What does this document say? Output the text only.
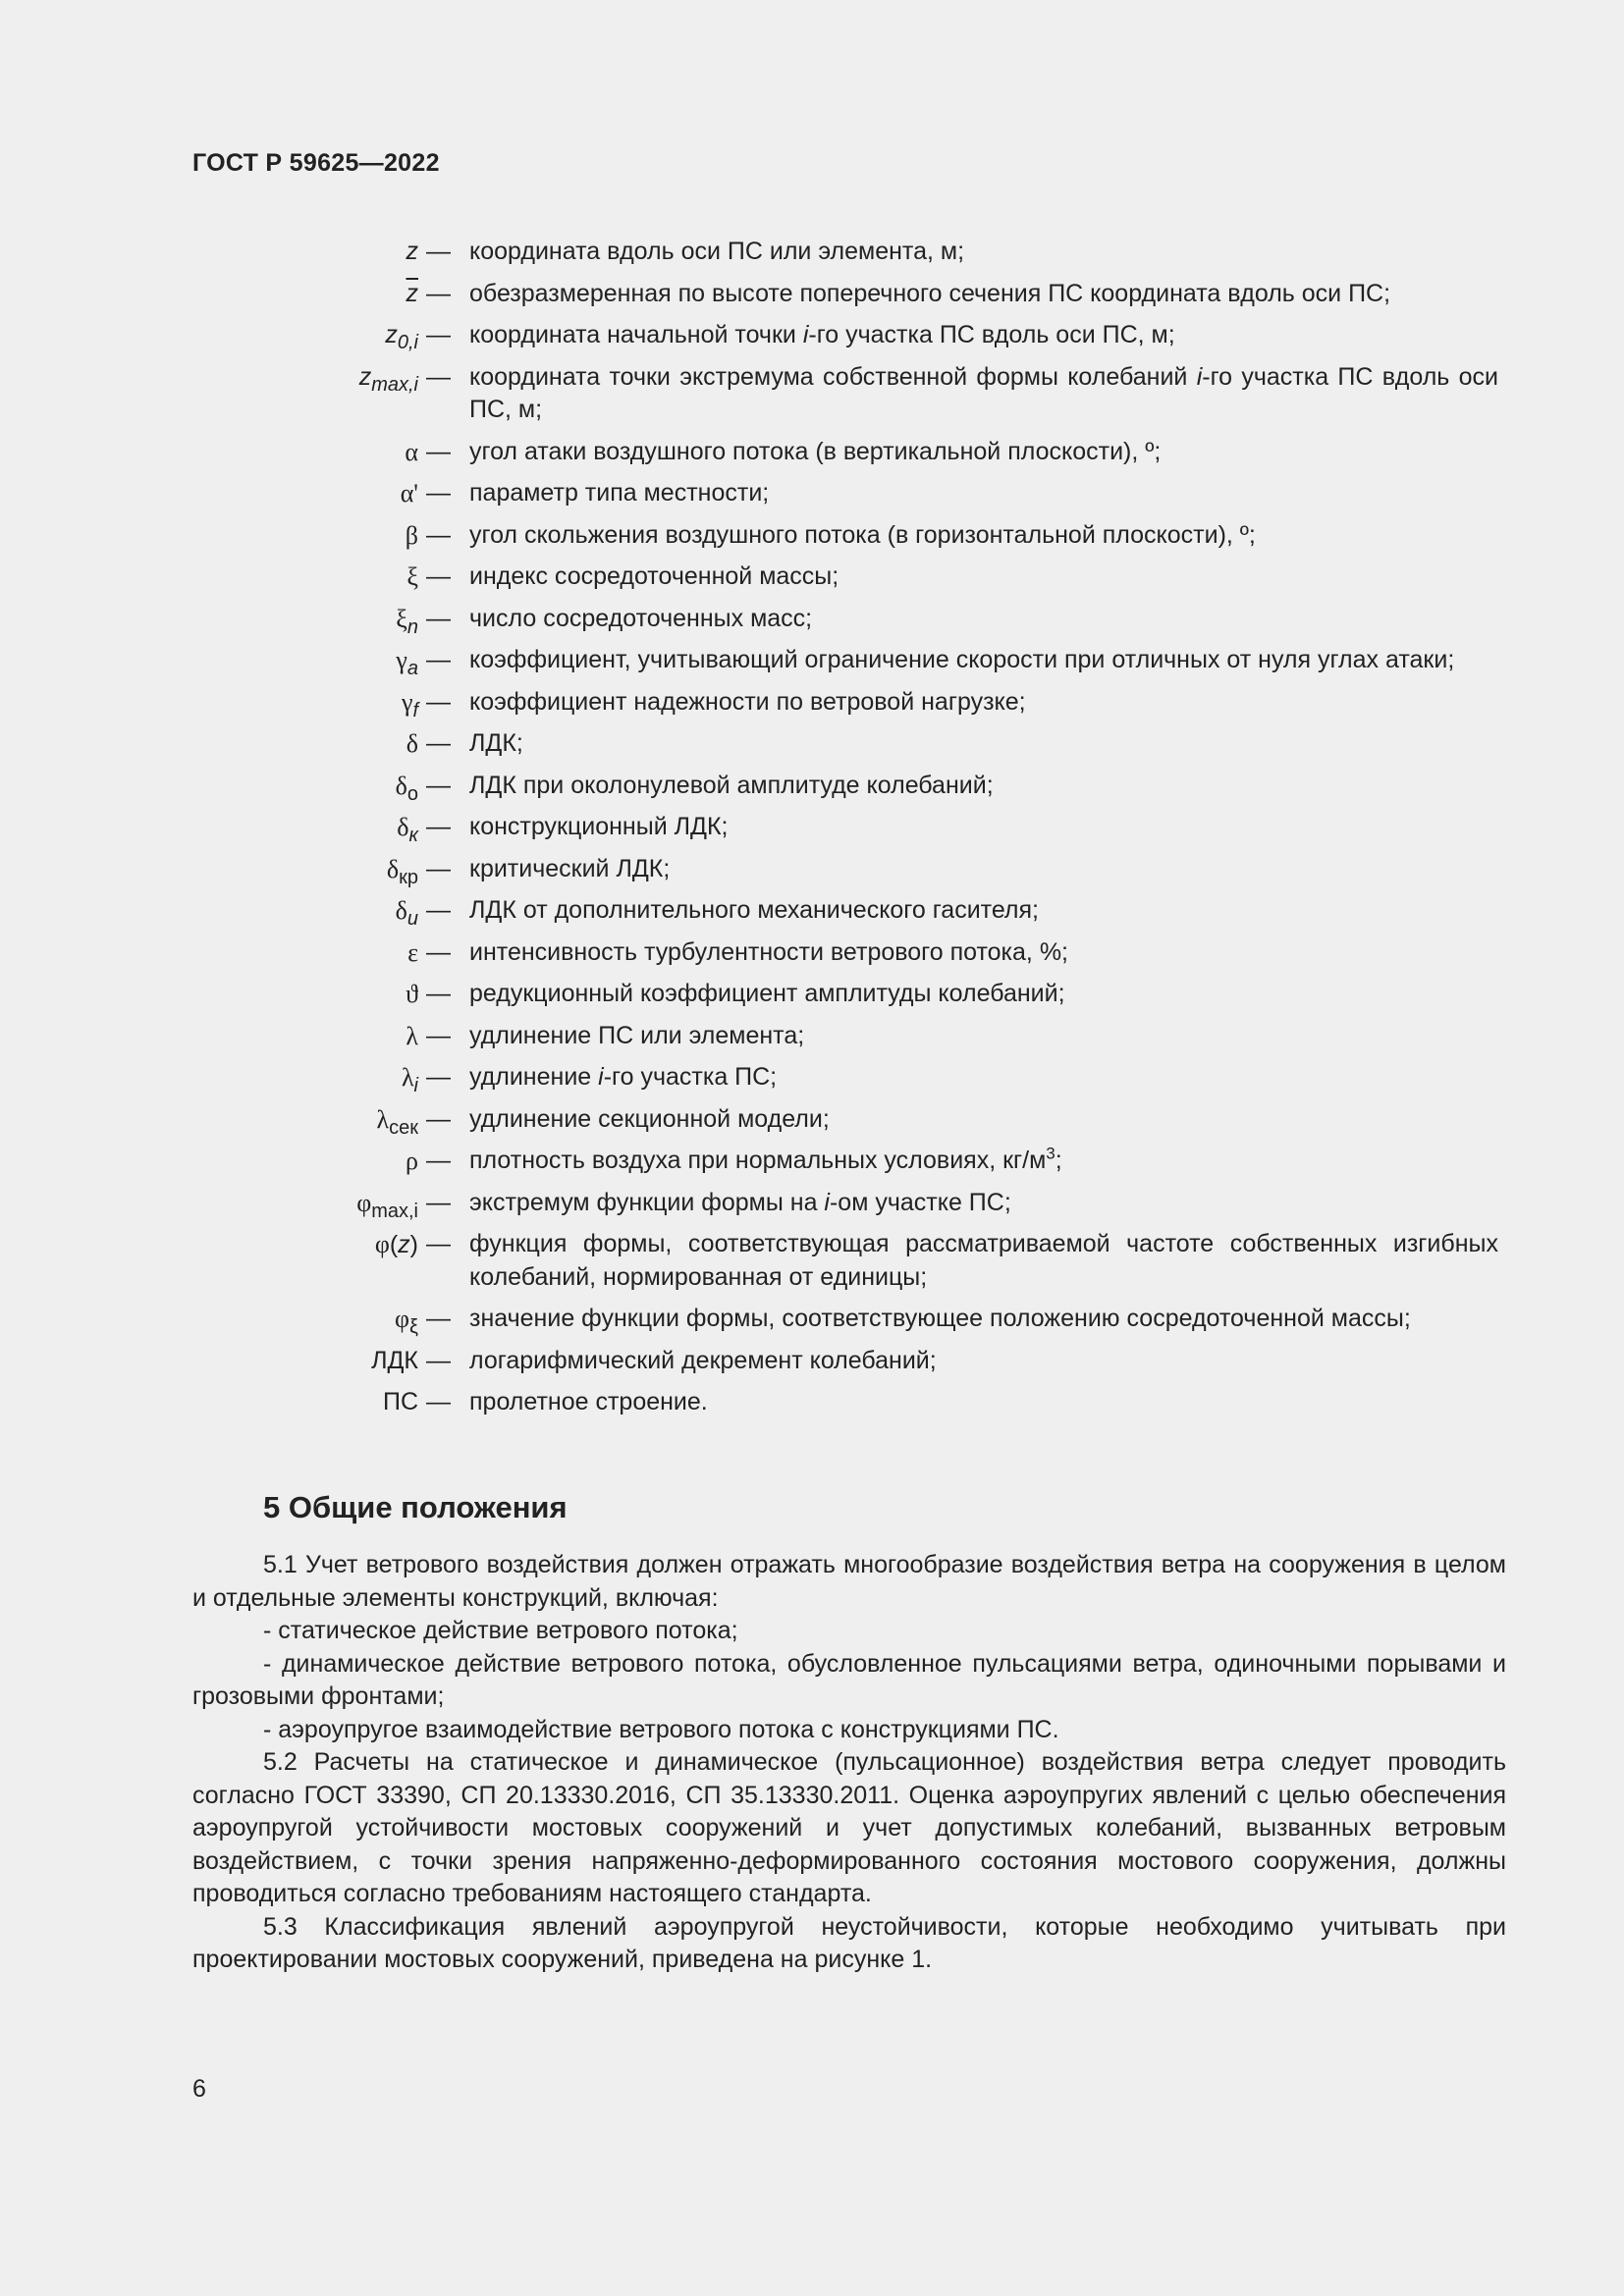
ГОСТ Р 59625—2022
z — координата вдоль оси ПС или элемента, м;
$\overline{z}$ — обезразмеренная по высоте поперечного сечения ПС координата вдоль оси ПС;
$z_{0,i}$ — координата начальной точки i-го участка ПС вдоль оси ПС, м;
$z_{max,i}$ — координата точки экстремума собственной формы колебаний i-го участка ПС вдоль оси ПС, м;
α — угол атаки воздушного потока (в вертикальной плоскости), º;
α' — параметр типа местности;
β — угол скольжения воздушного потока (в горизонтальной плоскости), º;
ξ — индекс сосредоточенной массы;
$\xi_n$ — число сосредоточенных масс;
$\gamma_a$ — коэффициент, учитывающий ограничение скорости при отличных от нуля углах атаки;
$\gamma_f$ — коэффициент надежности по ветровой нагрузке;
δ — ЛДК;
$\delta_о$ — ЛДК при околонулевой амплитуде колебаний;
$\delta_к$ — конструкционный ЛДК;
$\delta_{кр}$ — критический ЛДК;
$\delta_и$ — ЛДК от дополнительного механического гасителя;
ε — интенсивность турбулентности ветрового потока, %;
ϑ — редукционный коэффициент амплитуды колебаний;
λ — удлинение ПС или элемента;
$\lambda_i$ — удлинение i-го участка ПС;
$\lambda_{сек}$ — удлинение секционной модели;
ρ — плотность воздуха при нормальных условиях, $кг/м^3$;
$\varphi_{max,i}$ — экстремум функции формы на i-ом участке ПС;
φ(z) — функция формы, соответствующая рассматриваемой частоте собственных изгибных колебаний, нормированная от единицы;
$\varphi_\xi$ — значение функции формы, соответствующее положению сосредоточенной массы;
ЛДК — логарифмический декремент колебаний;
ПС — пролетное строение.
5 Общие положения

5.1 Учет ветрового воздействия должен отражать многообразие воздействия ветра на сооружения в целом и отдельные элементы конструкций, включая:

- статическое действие ветрового потока;

- динамическое действие ветрового потока, обусловленное пульсациями ветра, одиночными порывами и грозовыми фронтами;

- аэроупругое взаимодействие ветрового потока с конструкциями ПС.

5.2 Расчеты на статическое и динамическое (пульсационное) воздействия ветра следует проводить согласно ГОСТ 33390, СП 20.13330.2016, СП 35.13330.2011. Оценка аэроупругих явлений с целью обеспечения аэроупругой устойчивости мостовых сооружений и учет допустимых колебаний, вызванных ветровым воздействием, с точки зрения напряженно-деформированного состояния мостового сооружения, должны проводиться согласно требованиям настоящего стандарта.

5.3 Классификация явлений аэроупругой неустойчивости, которые необходимо учитывать при проектировании мостовых сооружений, приведена на рисунке 1.

6
